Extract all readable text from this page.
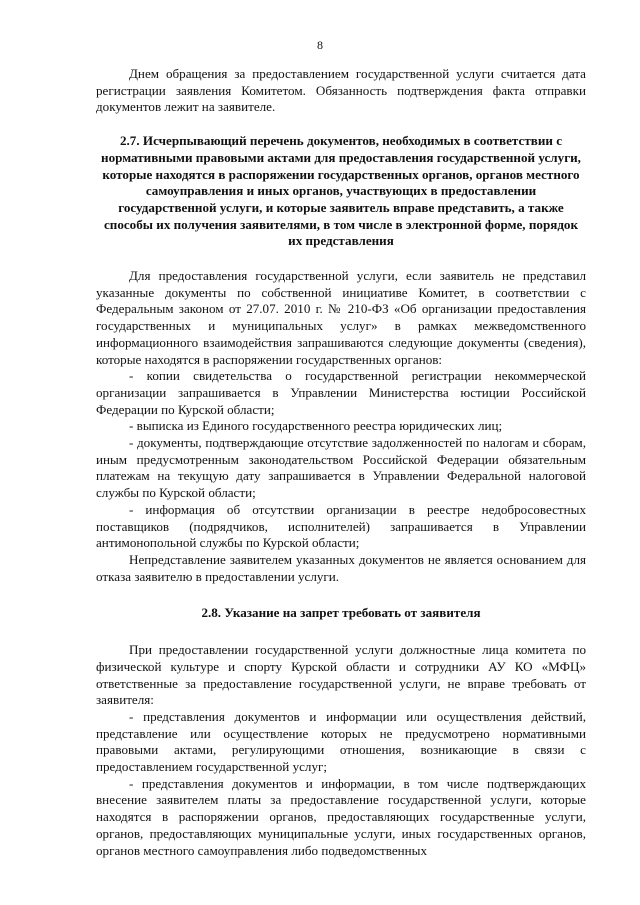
8

Днем обращения за предоставлением государственной услуги считается дата регистрации заявления Комитетом. Обязанность подтверждения факта отправки документов лежит на заявителе.

2.7. Исчерпывающий перечень документов, необходимых в соответствии с нормативными правовыми актами для предоставления государственной услуги, которые находятся в распоряжении государственных органов, органов местного самоуправления и иных органов, участвующих в предоставлении государственной услуги, и которые заявитель вправе представить, а также способы их получения заявителями, в том числе в электронной форме, порядок их представления

Для предоставления государственной услуги, если заявитель не представил указанные документы по собственной инициативе Комитет, в соответствии с Федеральным законом от 27.07. 2010 г. № 210-ФЗ «Об организации предоставления государственных и муниципальных услуг» в рамках межведомственного информационного взаимодействия запрашиваются следующие документы (сведения), которые находятся в распоряжении государственных органов:

- копии свидетельства о государственной регистрации некоммерческой организации запрашивается в Управлении Министерства юстиции Российской Федерации по Курской области;

- выписка из Единого государственного реестра юридических лиц;

- документы, подтверждающие отсутствие задолженностей по налогам и сборам, иным предусмотренным законодательством Российской Федерации обязательным платежам на текущую дату запрашивается в Управлении Федеральной налоговой службы по Курской области;

- информация об отсутствии организации в реестре недобросовестных поставщиков (подрядчиков, исполнителей) запрашивается в Управлении антимонопольной службы по Курской области;

Непредставление заявителем указанных документов не является основанием для отказа заявителю в предоставлении услуги.

2.8. Указание на запрет требовать от заявителя

При предоставлении государственной услуги должностные лица комитета по физической культуре и спорту Курской области и сотрудники АУ КО «МФЦ» ответственные за предоставление государственной услуги, не вправе требовать от заявителя:

- представления документов и информации или осуществления действий, представление или осуществление которых не предусмотрено нормативными правовыми актами, регулирующими отношения, возникающие в связи с предоставлением государственной услуг;

- представления документов и информации, в том числе подтверждающих внесение заявителем платы за предоставление государственной услуги, которые находятся в распоряжении органов, предоставляющих государственные услуги, органов, предоставляющих муниципальные услуги, иных государственных органов, органов местного самоуправления либо подведомственных
